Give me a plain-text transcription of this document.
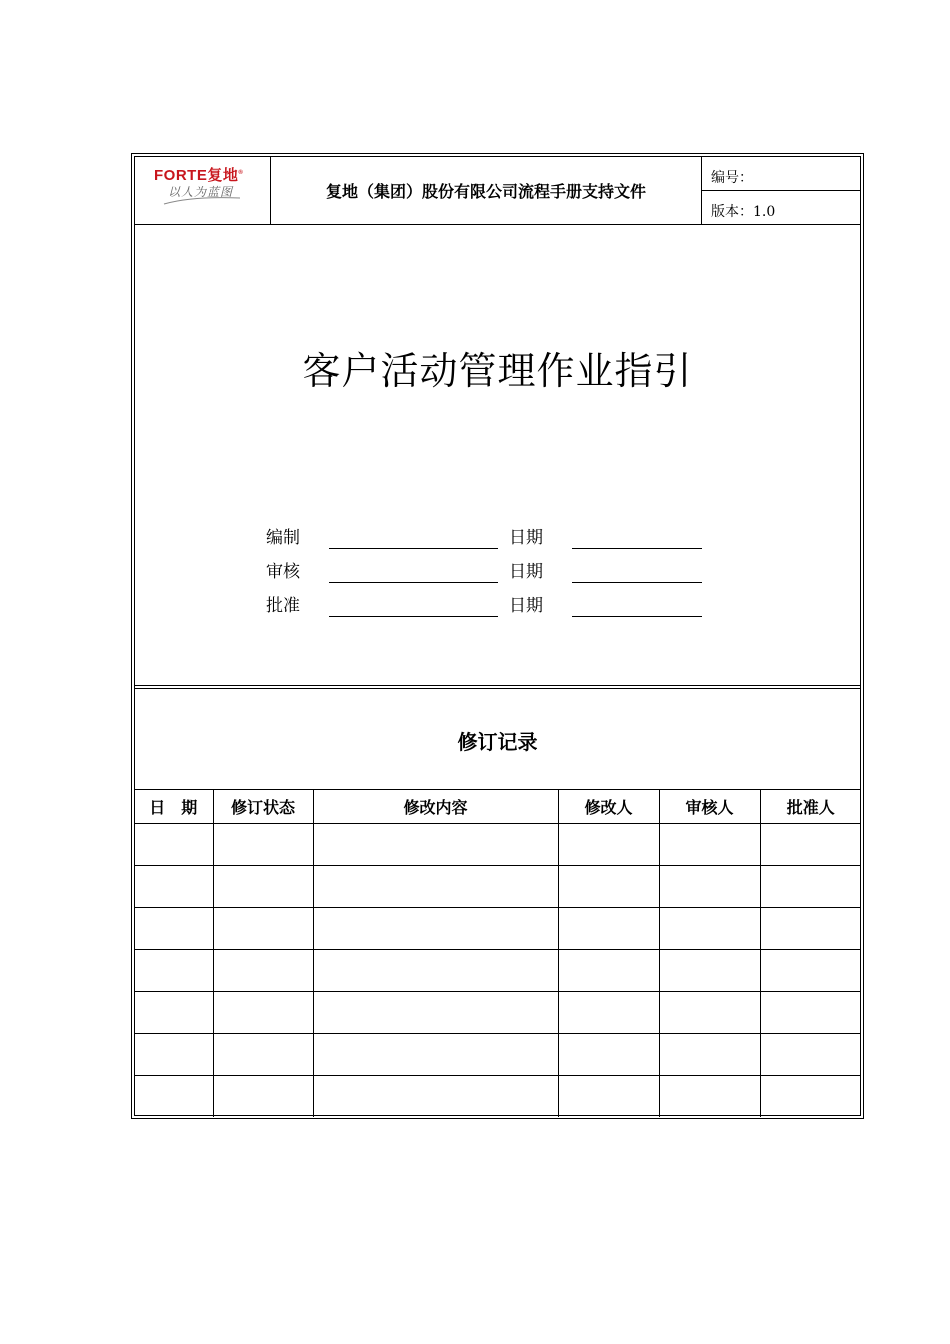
FORTE复地®
以人为蓝图	复地（集团）股份有限公司流程手册支持文件
编号：
版本：1.0
客户活动管理作业指引
编制	日期
审核	日期
批准	日期
修订记录
日　期	修订状态	修改内容	修改人	审核人	批准人
